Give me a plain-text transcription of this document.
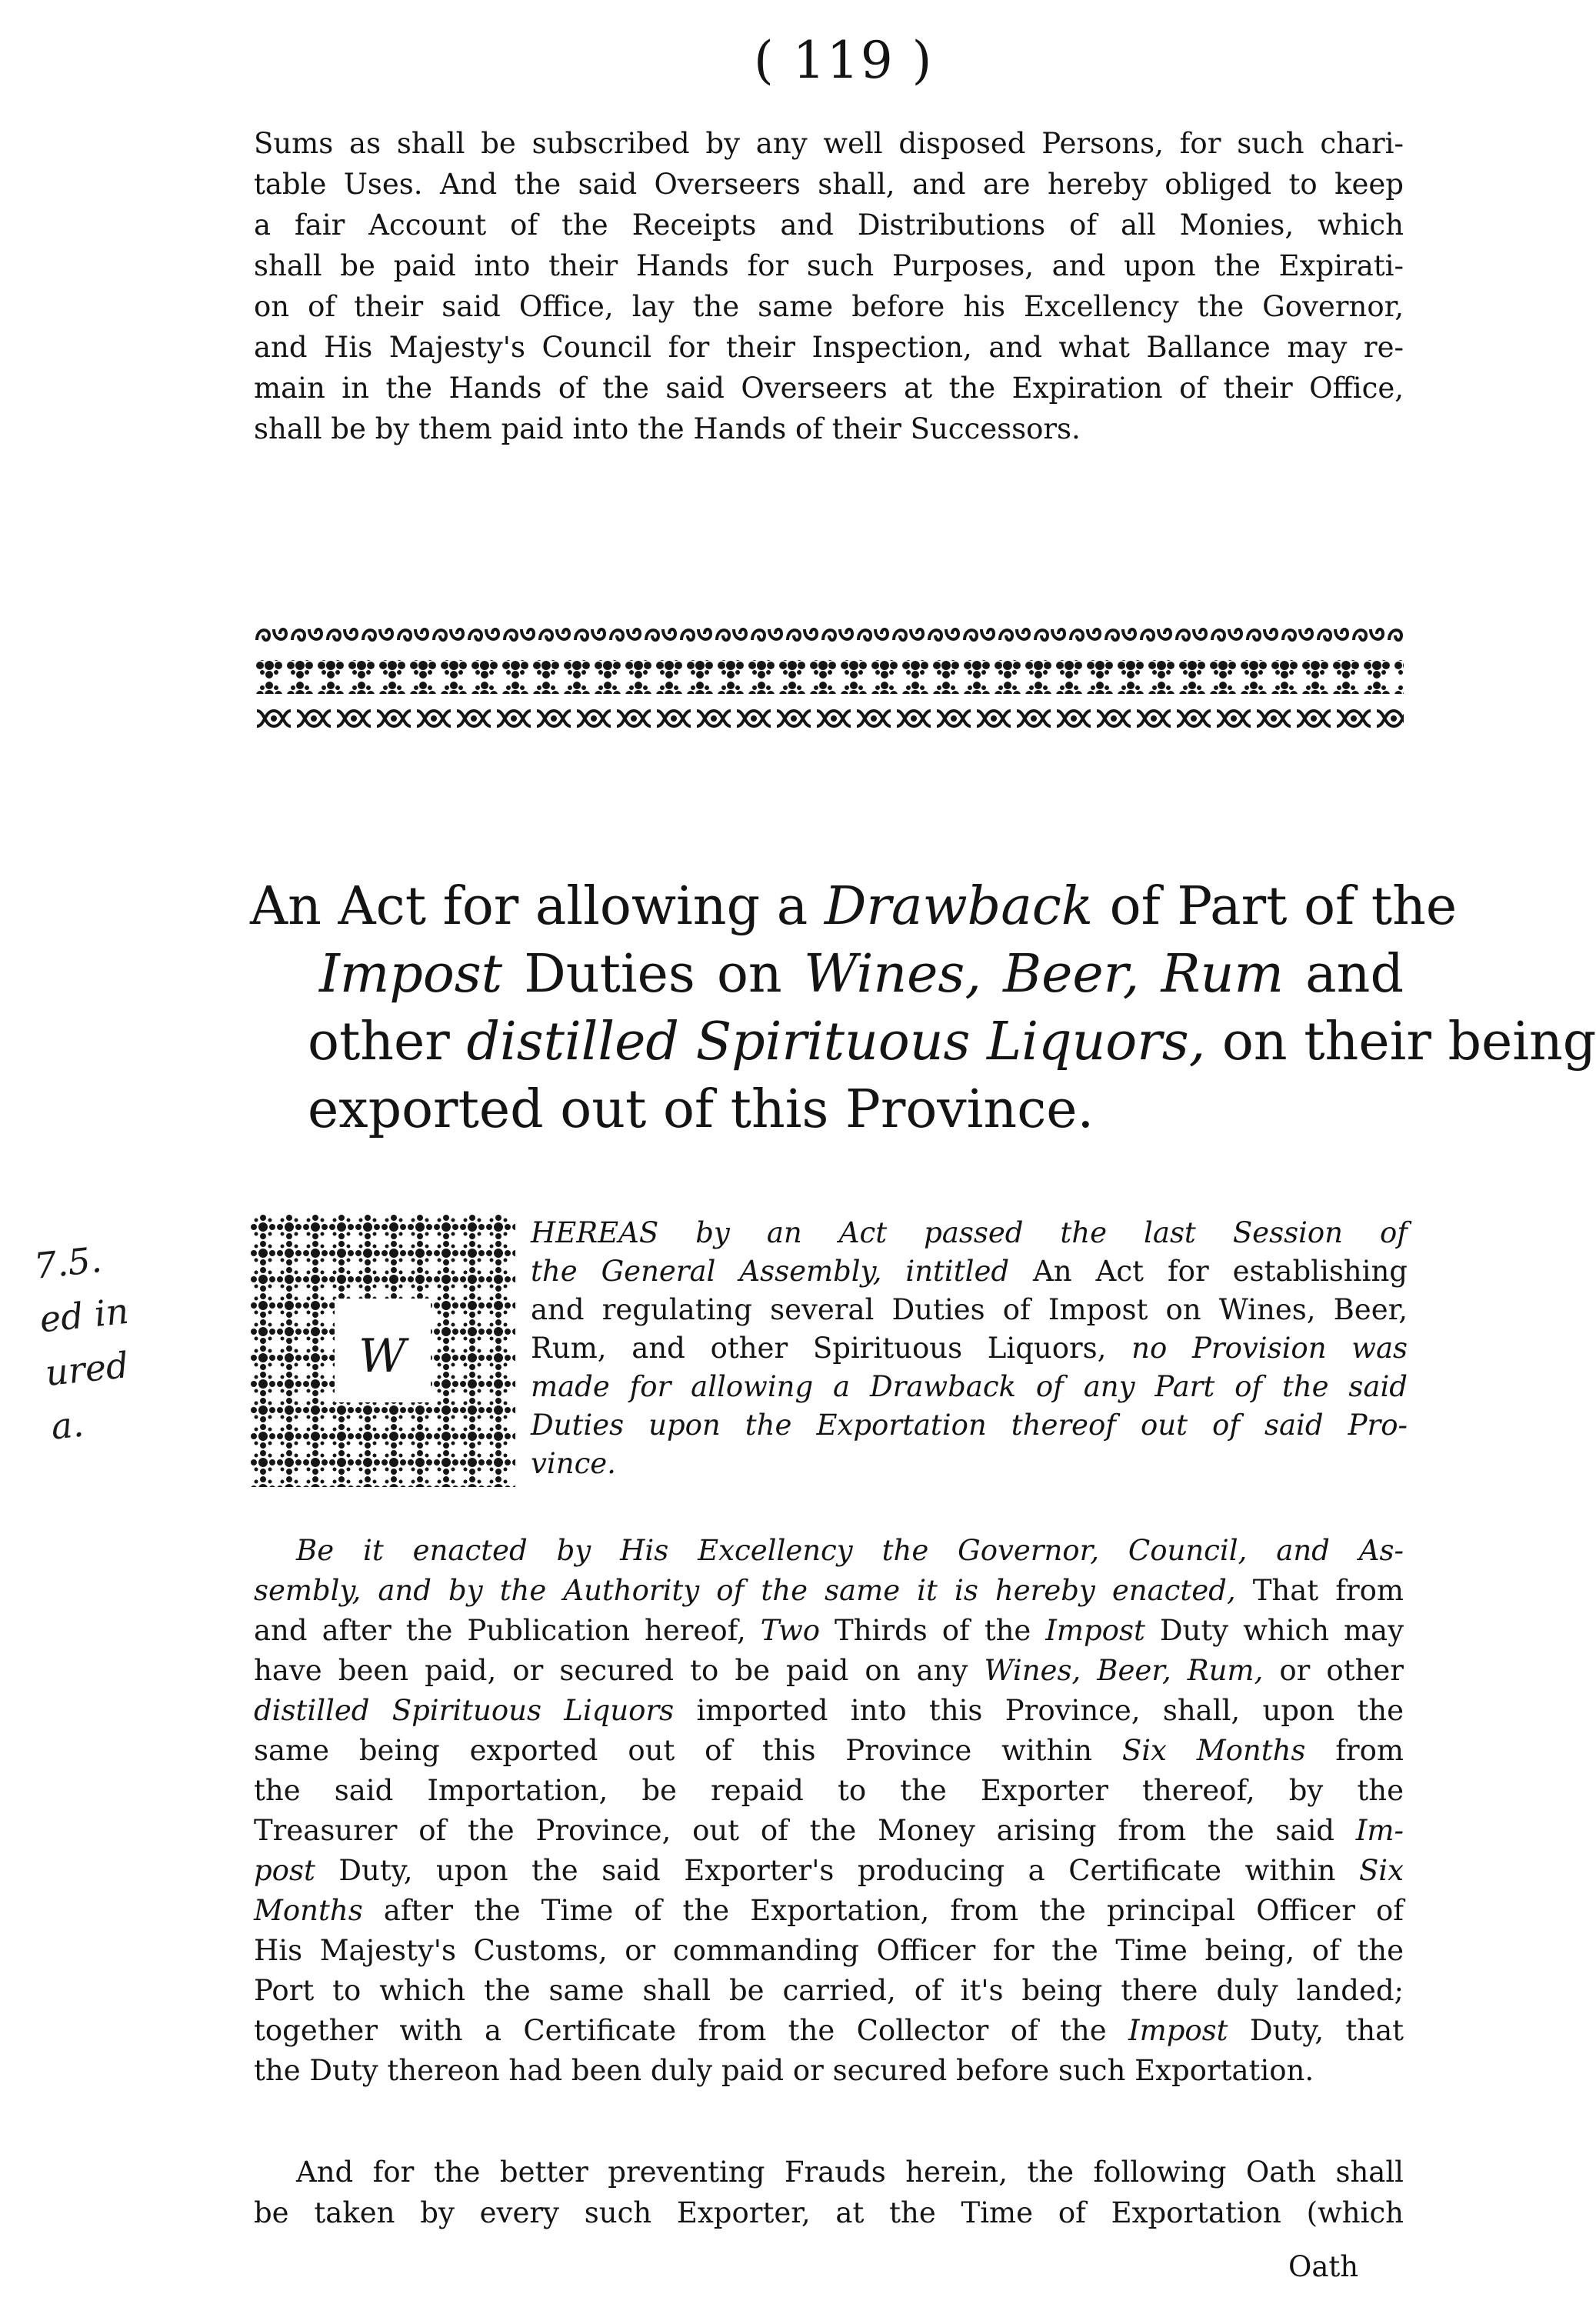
( 119 )
Sums as shall be subscribed by any well disposed Persons, for such chari-
table Uses. And the said Overseers shall, and are hereby obliged to keep
a fair Account of the Receipts and Distributions of all Monies, which
shall be paid into their Hands for such Purposes, and upon the Expirati-
on of their said Office, lay the same before his Excellency the Governor,
and His Majesty's Council for their Inspection, and what Ballance may re-
main in the Hands of the said Overseers at the Expiration of their Office,
shall be by them paid into the Hands of their Successors.
An Act for allowing a Drawback of Part of the
Impost Duties on Wines, Beer, Rum and
other distilled Spirituous Liquors, on their being
exported out of this Province.
7.5.
ed in
ured
a.
W
HEREAS by an Act passed the last Session of
the General Assembly, intitled An Act for establishing
and regulating several Duties of Impost on Wines, Beer,
Rum, and other Spirituous Liquors, no Provision was
made for allowing a Drawback of any Part of the said
Duties upon the Exportation thereof out of said Pro-
vince.
Be it enacted by His Excellency the Governor, Council, and As-
sembly, and by the Authority of the same it is hereby enacted, That from
and after the Publication hereof, Two Thirds of the Impost Duty which may
have been paid, or secured to be paid on any Wines, Beer, Rum, or other
distilled Spirituous Liquors imported into this Province, shall, upon the
same being exported out of this Province within Six Months from
the said Importation, be repaid to the Exporter thereof, by the
Treasurer of the Province, out of the Money arising from the said Im-
post Duty, upon the said Exporter's producing a Certificate within Six
Months after the Time of the Exportation, from the principal Officer of
His Majesty's Customs, or commanding Officer for the Time being, of the
Port to which the same shall be carried, of it's being there duly landed;
together with a Certificate from the Collector of the Impost Duty, that
the Duty thereon had been duly paid or secured before such Exportation.
And for the better preventing Frauds herein, the following Oath shall
be taken by every such Exporter, at the Time of Exportation (which
Oath
